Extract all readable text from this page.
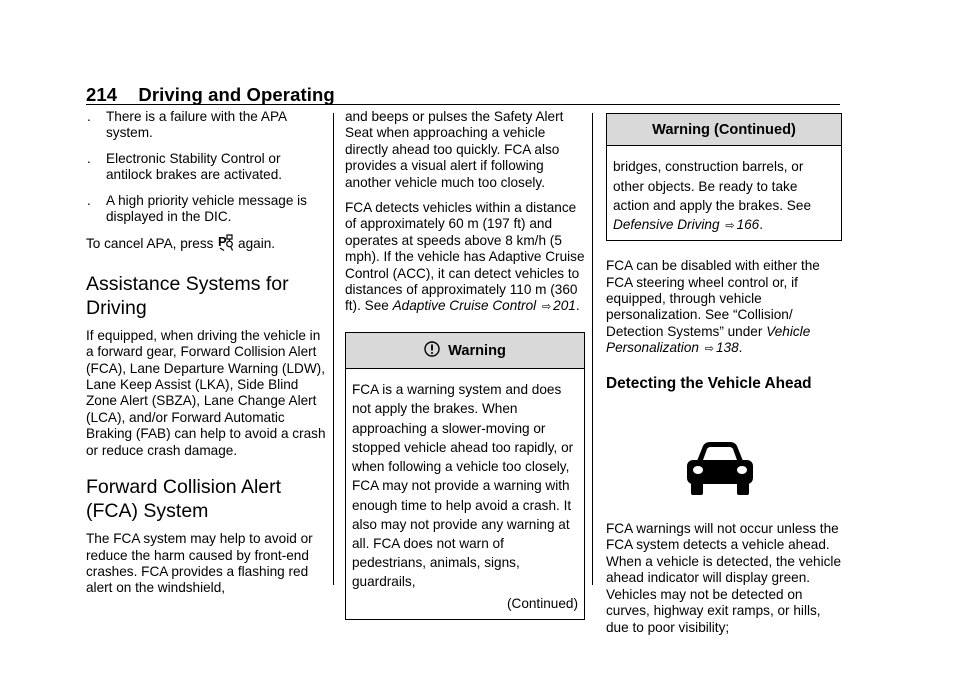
214 Driving and Operating
. There is a failure with the APA system.
. Electronic Stability Control or antilock brakes are activated.
. A high priority vehicle message is displayed in the DIC.

To cancel APA, press P again.

Assistance Systems for Driving

If equipped, when driving the vehicle in a forward gear, Forward Collision Alert (FCA), Lane Departure Warning (LDW), Lane Keep Assist (LKA), Side Blind Zone Alert (SBZA), Lane Change Alert (LCA), and/or Forward Automatic Braking (FAB) can help to avoid a crash or reduce crash damage.

Forward Collision Alert (FCA) System

The FCA system may help to avoid or reduce the harm caused by front-end crashes. FCA provides a flashing red alert on the windshield,

and beeps or pulses the Safety Alert Seat when approaching a vehicle directly ahead too quickly. FCA also provides a visual alert if following another vehicle much too closely.

FCA detects vehicles within a distance of approximately 60 m (197 ft) and operates at speeds above 8 km/h (5 mph). If the vehicle has Adaptive Cruise Control (ACC), it can detect vehicles to distances of approximately 110 m (360 ft). See Adaptive Cruise Control ⇨ 201.

Warning

FCA is a warning system and does not apply the brakes. When approaching a slower-moving or stopped vehicle ahead too rapidly, or when following a vehicle too closely, FCA may not provide a warning with enough time to help avoid a crash. It also may not provide any warning at all. FCA does not warn of pedestrians, animals, signs, guardrails,

(Continued)
Warning (Continued)

bridges, construction barrels, or other objects. Be ready to take action and apply the brakes. See Defensive Driving ⇨ 166.

FCA can be disabled with either the FCA steering wheel control or, if equipped, through vehicle personalization. See “Collision/ Detection Systems” under Vehicle Personalization ⇨ 138.

Detecting the Vehicle Ahead

FCA warnings will not occur unless the FCA system detects a vehicle ahead. When a vehicle is detected, the vehicle ahead indicator will display green. Vehicles may not be detected on curves, highway exit ramps, or hills, due to poor visibility;
